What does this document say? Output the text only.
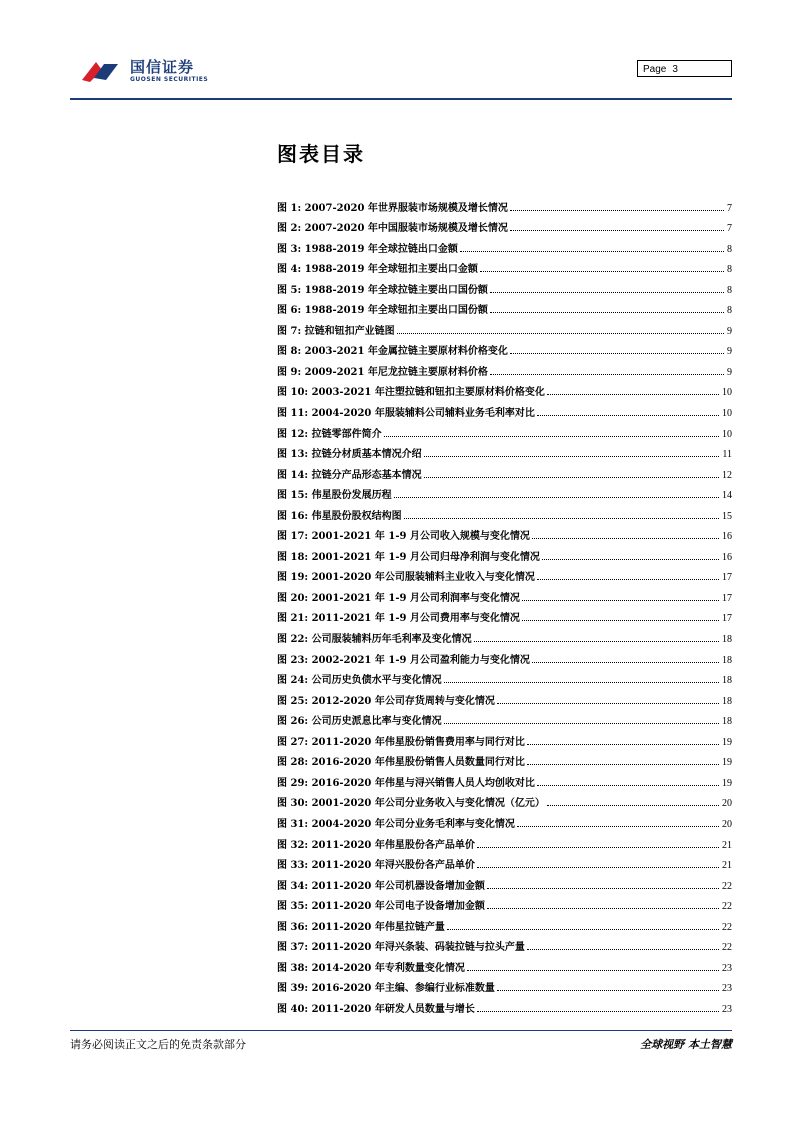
国信证券
GUOSEN SECURITIES
Page 3
图表目录
图 1: 2007-2020 年世界服装市场规模及增长情况	7
图 2: 2007-2020 年中国服装市场规模及增长情况	7
图 3: 1988-2019 年全球拉链出口金额	8
图 4: 1988-2019 年全球钮扣主要出口金额	8
图 5: 1988-2019 年全球拉链主要出口国份额	8
图 6: 1988-2019 年全球钮扣主要出口国份额	8
图 7: 拉链和钮扣产业链图	9
图 8: 2003-2021 年金属拉链主要原材料价格变化	9
图 9: 2009-2021 年尼龙拉链主要原材料价格	9
图 10: 2003-2021 年注塑拉链和钮扣主要原材料价格变化	10
图 11: 2004-2020 年服装辅料公司辅料业务毛利率对比	10
图 12: 拉链零部件简介	10
图 13: 拉链分材质基本情况介绍	11
图 14: 拉链分产品形态基本情况	12
图 15: 伟星股份发展历程	14
图 16: 伟星股份股权结构图	15
图 17: 2001-2021 年 1-9 月公司收入规模与变化情况	16
图 18: 2001-2021 年 1-9 月公司归母净利润与变化情况	16
图 19: 2001-2020 年公司服装辅料主业收入与变化情况	17
图 20: 2001-2021 年 1-9 月公司利润率与变化情况	17
图 21: 2011-2021 年 1-9 月公司费用率与变化情况	17
图 22: 公司服装辅料历年毛利率及变化情况	18
图 23: 2002-2021 年 1-9 月公司盈利能力与变化情况	18
图 24: 公司历史负债水平与变化情况	18
图 25: 2012-2020 年公司存货周转与变化情况	18
图 26: 公司历史派息比率与变化情况	18
图 27: 2011-2020 年伟星股份销售费用率与同行对比	19
图 28: 2016-2020 年伟星股份销售人员数量同行对比	19
图 29: 2016-2020 年伟星与浔兴销售人员人均创收对比	19
图 30: 2001-2020 年公司分业务收入与变化情况（亿元）	20
图 31: 2004-2020 年公司分业务毛利率与变化情况	20
图 32: 2011-2020 年伟星股份各产品单价	21
图 33: 2011-2020 年浔兴股份各产品单价	21
图 34: 2011-2020 年公司机器设备增加金额	22
图 35: 2011-2020 年公司电子设备增加金额	22
图 36: 2011-2020 年伟星拉链产量	22
图 37: 2011-2020 年浔兴条装、码装拉链与拉头产量	22
图 38: 2014-2020 年专利数量变化情况	23
图 39: 2016-2020 年主编、参编行业标准数量	23
图 40: 2011-2020 年研发人员数量与增长	23
请务必阅读正文之后的免责条款部分	全球视野 本土智慧
